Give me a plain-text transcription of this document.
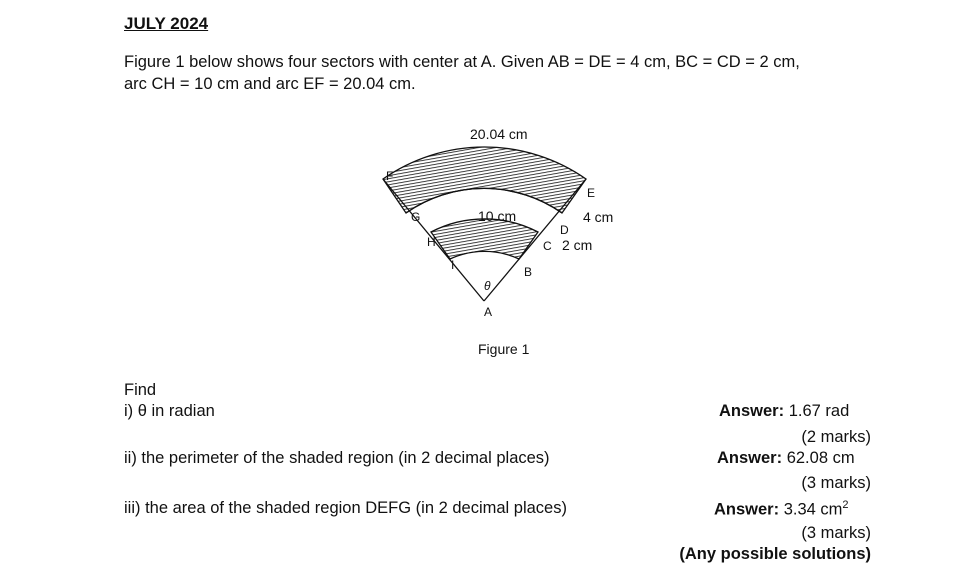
JULY 2024
Figure 1 below shows four sectors with center at A. Given AB = DE = 4 cm, BC = CD = 2 cm,
arc CH = 10 cm and arc EF = 20.04 cm.
20.04 cm
10 cm	4 cm
2 cm
F
G
H
I
E
D
C
B
A
θ
Figure 1
Find
i) θ in radian
ii) the perimeter of the shaded region (in 2 decimal places)
iii) the area of the shaded region DEFG (in 2 decimal places)
Answer: 1.67 rad
(2 marks)
Answer: 62.08 cm
(3 marks)
Answer: 3.34 $cm^2$
(3 marks)
(Any possible solutions)
